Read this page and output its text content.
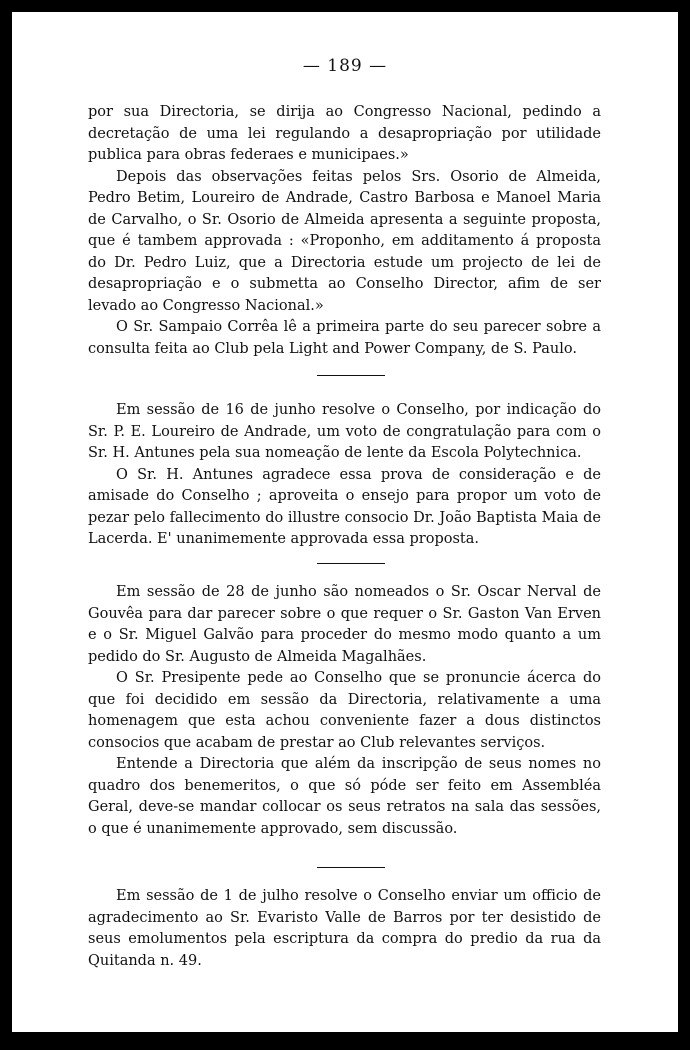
— 189 —

por sua Directoria, se dirija ao Congresso Nacional, pedindo a decretação de uma lei regulando a desapropriação por utilidade publica para obras federaes e municipaes.»

Depois das observações feitas pelos Srs. Osorio de Almeida, Pedro Betim, Loureiro de Andrade, Castro Barbosa e Manoel Maria de Carvalho, o Sr. Osorio de Almeida apresenta a seguinte proposta, que é tambem approvada : «Proponho, em additamento á proposta do Dr. Pedro Luiz, que a Directoria estude um projecto de lei de desapropriação e o submetta ao Conselho Director, afim de ser levado ao Congresso Nacional.»

O Sr. Sampaio Corrêa lê a primeira parte do seu parecer sobre a consulta feita ao Club pela Light and Power Company, de S. Paulo.

Em sessão de 16 de junho resolve o Conselho, por indicação do Sr. P. E. Loureiro de Andrade, um voto de congratulação para com o Sr. H. Antunes pela sua nomeação de lente da Escola Polytechnica.

O Sr. H. Antunes agradece essa prova de consideração e de amisade do Conselho ; aproveita o ensejo para propor um voto de pezar pelo fallecimento do illustre consocio Dr. João Baptista Maia de Lacerda. E' unanimemente approvada essa proposta.

Em sessão de 28 de junho são nomeados o Sr. Oscar Nerval de Gouvêa para dar parecer sobre o que requer o Sr. Gaston Van Erven e o Sr. Miguel Galvão para proceder do mesmo modo quanto a um pedido do Sr. Augusto de Almeida Magalhães.

O Sr. Presipente pede ao Conselho que se pronuncie ácerca do que foi decidido em sessão da Directoria, relativamente a uma homenagem que esta achou conveniente fazer a dous distinctos consocios que acabam de prestar ao Club relevantes serviços.

Entende a Directoria que além da inscripção de seus nomes no quadro dos benemeritos, o que só póde ser feito em Assembléa Geral, deve-se mandar collocar os seus retratos na sala das sessões, o que é unanimemente approvado, sem discussão.

Em sessão de 1 de julho resolve o Conselho enviar um officio de agradecimento ao Sr. Evaristo Valle de Barros por ter desistido de seus emolumentos pela escriptura da compra do predio da rua da Quitanda n. 49.
